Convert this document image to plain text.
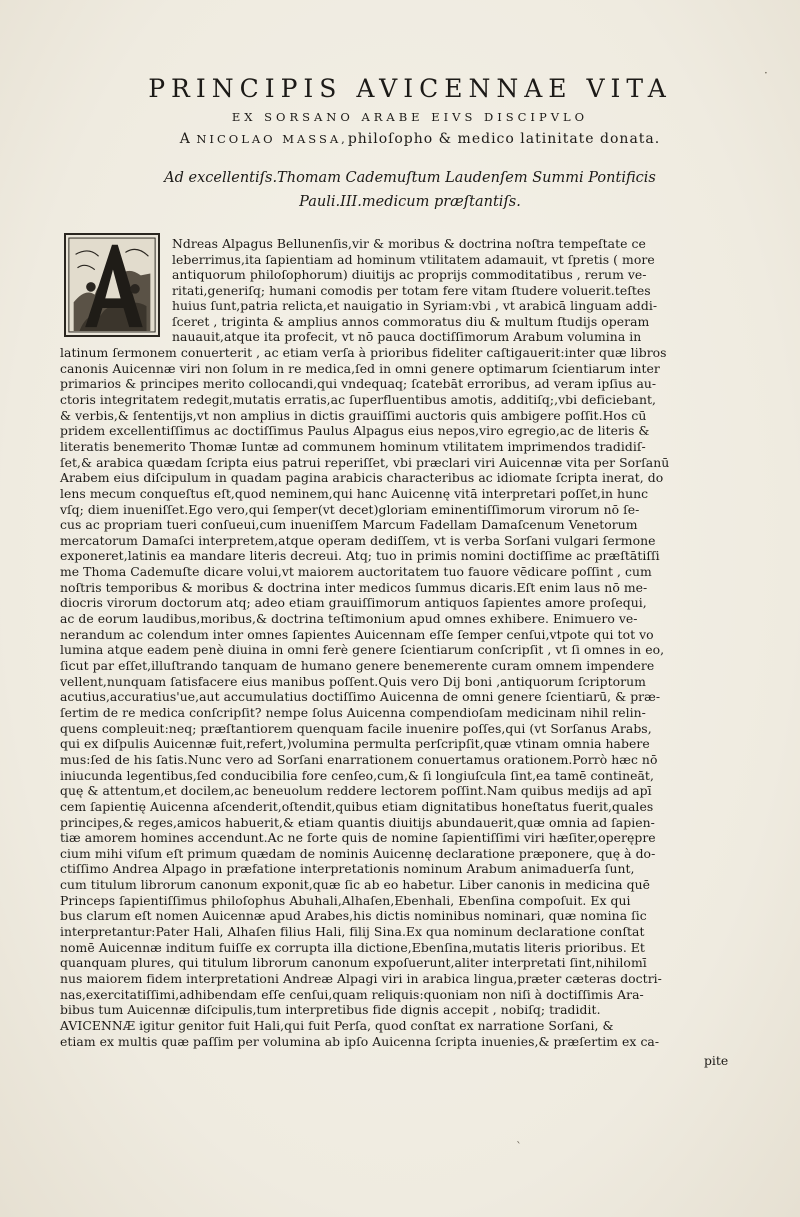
PRINCIPIS AVICENNAE VITA
EX SORSANO ARABE EIVS DISCIPVLO
A NICOLAO MASSA,philoſopho & medico latinitate donata.
Ad excellentiſs.Thomam Cademuſtum Laudenſem Summi Pontificis
Pauli.III.medicum præſtantiſs.
Ndreas Alpagus Bellunenſis,vir & moribus & doctrina noſtra tempeſtate ce
leberrimus,ita ſapientiam ad hominum vtilitatem adamauit, vt ſpretis ( more
antiquorum philoſophorum) diuitijs ac proprijs commoditatibus , rerum ve-
ritati,generiſq; humani comodis per totam fere vitam ſtudere voluerit.teſtes
huius ſunt,patria relicta,et nauigatio in Syriam:vbi , vt arabicā linguam addi-
ſceret , triginta & amplius annos commoratus diu & multum ſtudijs operam
nauauit,atque ita profecit, vt nō pauca doctiſſimorum Arabum volumina in
latinum ſermonem conuerterit , ac etiam verſa à prioribus fideliter caſtigauerit:inter quæ libros
canonis Auicennæ viri non ſolum in re medica,ſed in omni genere optimarum ſcientiarum inter
primarios & principes merito collocandi,qui vndequaq; ſcatebāt erroribus, ad veram ipſius au-
ctoris integritatem redegit,mutatis erratis,ac ſuperfluentibus amotis, additiſq;,vbi deficiebant,
& verbis,& ſententijs,vt non amplius in dictis grauiſſimi auctoris quis ambigere poſſit.Hos cū
pridem excellentiſſimus ac doctiſſimus Paulus Alpagus eius nepos,viro egregio,ac de literis &
literatis benemerito Thomæ Iuntæ ad communem hominum vtilitatem imprimendos tradidiſ-
ſet,& arabica quædam ſcripta eius patrui reperiſſet, vbi præclari viri Auicennæ vita per Sorſanū
Arabem eius diſcipulum in quadam pagina arabicis characteribus ac idiomate ſcripta inerat, do
lens mecum conqueſtus eſt,quod neminem,qui hanc Auicennę vitā interpretari poſſet,in hunc
vſq; diem inueniſſet.Ego vero,qui ſemper(vt decet)gloriam eminentiſſimorum virorum nō ſe-
cus ac propriam tueri conſueui,cum inueniſſem Marcum Fadellam Damaſcenum Venetorum
mercatorum Damaſci interpretem,atque operam dediſſem, vt is verba Sorſani vulgari ſermone
exponeret,latinis ea mandare literis decreui. Atq; tuo in primis nomini doctiſſime ac præſtātiſſi
me Thoma Cademuſte dicare volui,vt maiorem auctoritatem tuo fauore vēdicare poſſint , cum
noſtris temporibus & moribus & doctrina inter medicos ſummus dicaris.Eſt enim laus nō me-
diocris virorum doctorum atq; adeo etiam grauiſſimorum antiquos ſapientes amore proſequi,
ac de eorum laudibus,moribus,& doctrina teſtimonium apud omnes exhibere. Enimuero ve-
nerandum ac colendum inter omnes ſapientes Auicennam eſſe ſemper cenſui,vtpote qui tot vo
lumina atque eadem penè diuina in omni ferè genere ſcientiarum conſcripſit , vt ſi omnes in eo,
ſicut par eſſet,illuſtrando tanquam de humano genere benemerente curam omnem impendere
vellent,nunquam ſatisfacere eius manibus poſſent.Quis vero Dij boni ,antiquorum ſcriptorum
acutius,accuratius'ue,aut accumulatius doctiſſimo Auicenna de omni genere ſcientiarū, & præ-
ſertim de re medica conſcripſit? nempe ſolus Auicenna compendioſam medicinam nihil relin-
quens compleuit:neq; præſtantiorem quenquam facile inuenire poſſes,qui (vt Sorſanus Arabs,
qui ex diſpulis Auicennæ fuit,refert,)volumina permulta perſcripſit,quæ vtinam omnia habere
mus:ſed de his ſatis.Nunc vero ad Sorſani enarrationem conuertamus orationem.Porrò hæc nō
iniucunda legentibus,ſed conducibilia fore cenſeo,cum,& ſi longiuſcula ſint,ea tamē contineāt,
quę & attentum,et docilem,ac beneuolum reddere lectorem poſſint.Nam quibus medijs ad apī
cem ſapientię Auicenna aſcenderit,oſtendit,quibus etiam dignitatibus honeſtatus fuerit,quales
principes,& reges,amicos habuerit,& etiam quantis diuitijs abundauerit,quæ omnia ad ſapien-
tiæ amorem homines accendunt.Ac ne forte quis de nomine ſapientiſſimi viri hæſiter,operępre
cium mihi viſum eſt primum quædam de nominis Auicennę declaratione præponere, quę à do-
ctiſſimo Andrea Alpago in præfatione interpretationis nominum Arabum animaduerſa ſunt,
cum titulum librorum canonum exponit,quæ ſic ab eo habetur. Liber canonis in medicina quē
Princeps ſapientiſſimus philoſophus Abuhali,Alhaſen,Ebenhali, Ebenſina compoſuit. Ex qui
bus clarum eſt nomen Auicennæ apud Arabes,his dictis nominibus nominari, quæ nomina ſic
interpretantur:Pater Hali, Alhaſen filius Hali, filij Sina.Ex qua nominum declaratione conſtat
nomē Auicennæ inditum fuiſſe ex corrupta illa dictione,Ebenſina,mutatis literis prioribus. Et
quanquam plures, qui titulum librorum canonum expoſuerunt,aliter interpretati ſint,nihilomī
nus maiorem fidem interpretationi Andreæ Alpagi viri in arabica lingua,præter cæteras doctri-
nas,exercitatiſſimi,adhibendam eſſe cenſui,quam reliquis:quoniam non niſi à doctiſſimis Ara-
bibus tum Auicennæ diſcipulis,tum interpretibus fide dignis accepit , nobiſq; tradidit.
AVICENNÆ igitur genitor fuit Hali,qui fuit Perſa, quod conſtat ex narratione Sorſani, &
etiam ex multis quæ paſſim per volumina ab ipſo Auicenna ſcripta inuenies,& præſertim ex ca-
pite
·
`
